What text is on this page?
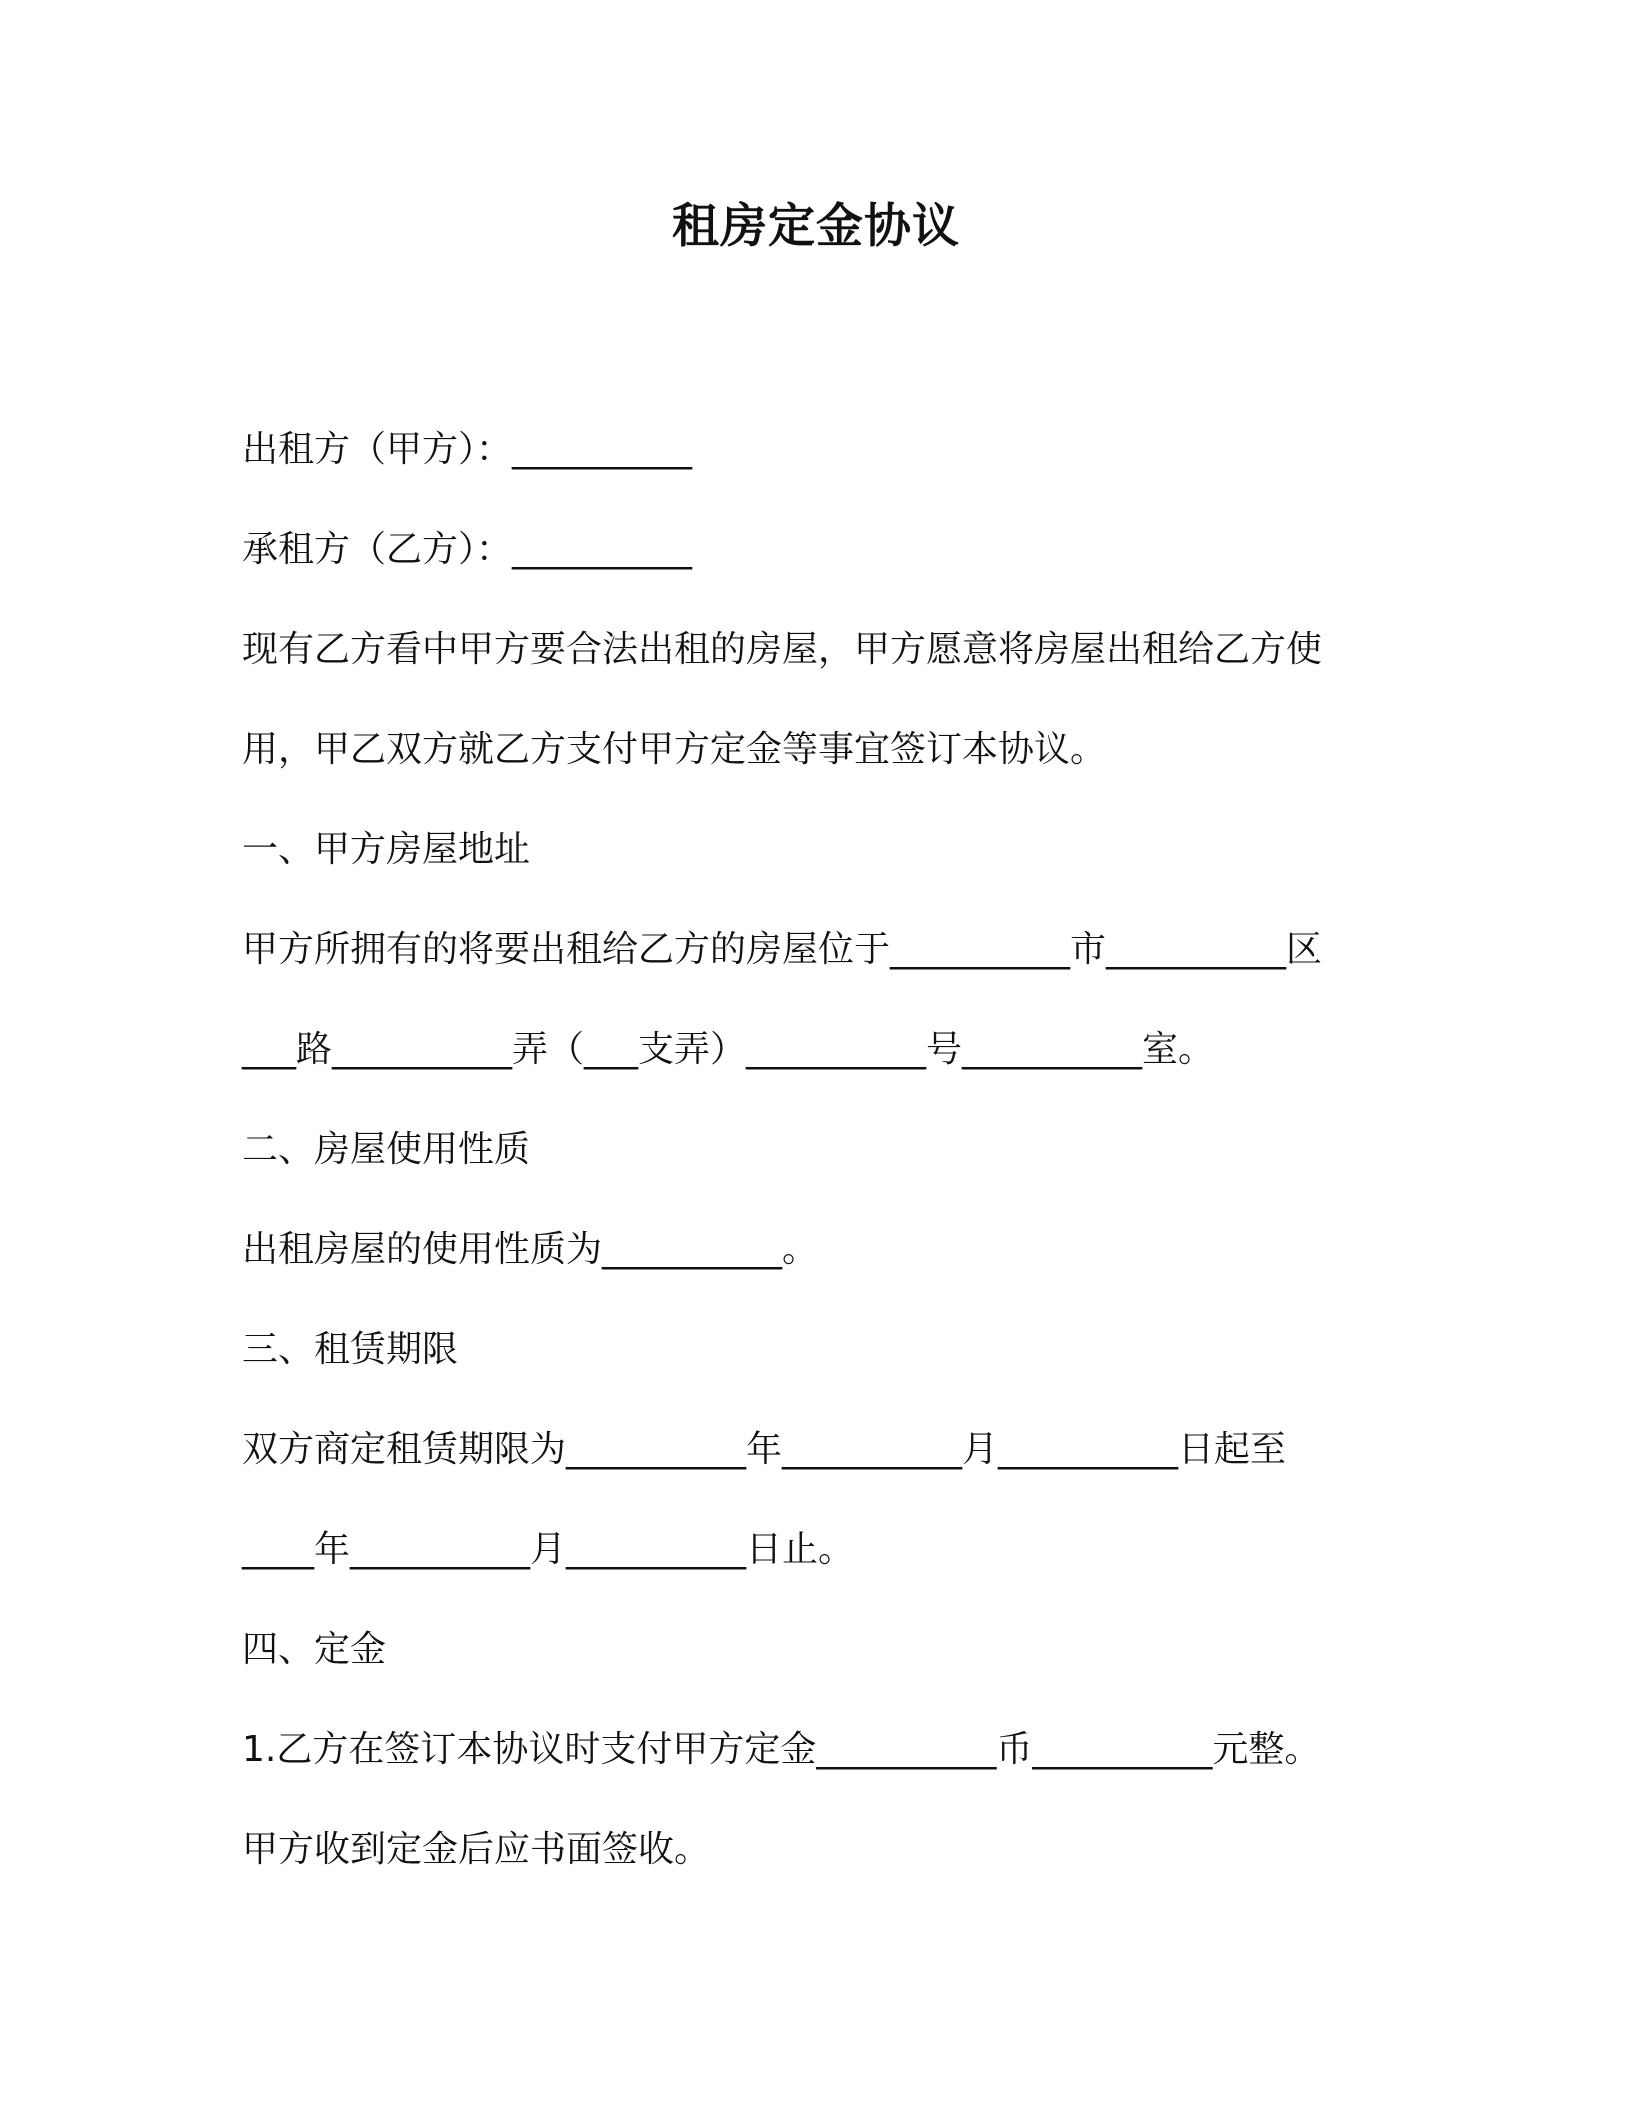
租房定金协议
出租方（甲方）：__________
承租方（乙方）：__________
现有乙方看中甲方要合法出租的房屋，甲方愿意将房屋出租给乙方使
用，甲乙双方就乙方支付甲方定金等事宜签订本协议。
一、甲方房屋地址
甲方所拥有的将要出租给乙方的房屋位于__________市__________区
___路__________弄（___支弄）__________号__________室。
二、房屋使用性质
出租房屋的使用性质为__________。
三、租赁期限
双方商定租赁期限为__________年__________月__________日起至
____年__________月__________日止。
四、定金
1.乙方在签订本协议时支付甲方定金__________币__________元整。
甲方收到定金后应书面签收。
